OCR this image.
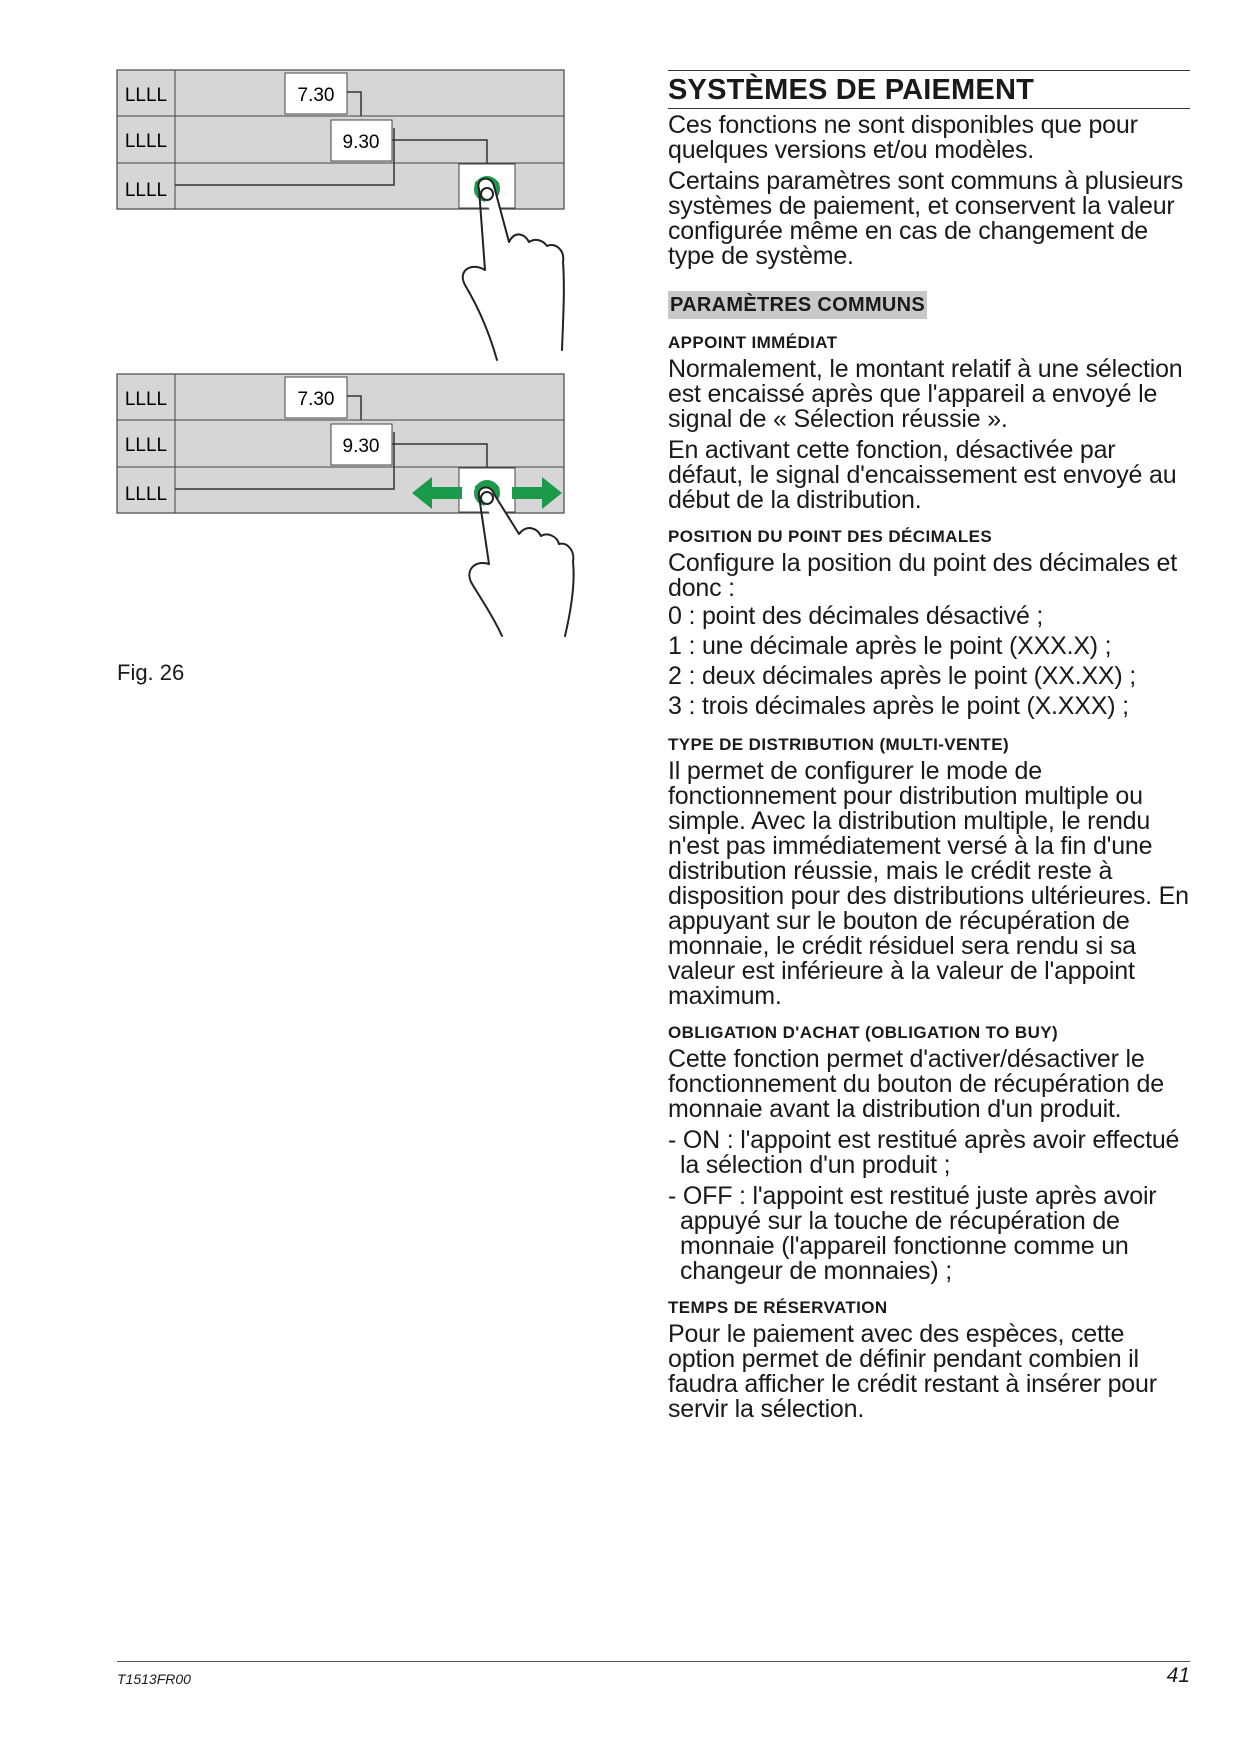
LLLL
LLLL
LLLL
7.30
9.30
LLLL
LLLL
LLLL
7.30
9.30

Fig. 26

SYSTÈMES DE PAIEMENT

Ces fonctions ne sont disponibles que pour quelques versions et/ou modèles.

Certains paramètres sont communs à plusieurs systèmes de paiement, et conservent la valeur configurée même en cas de changement de type de système.

PARAMÈTRES COMMUNS
APPOINT IMMÉDIAT

Normalement, le montant relatif à une sélection est encaissé après que l'appareil a envoyé le signal de « Sélection réussie ».

En activant cette fonction, désactivée par défaut, le signal d'encaissement est envoyé au début de la distribution.

POSITION DU POINT DES DÉCIMALES

Configure la position du point des décimales et donc :

0 : point des décimales désactivé ;

1 : une décimale après le point (XXX.X) ;

2 : deux décimales après le point (XX.XX) ;

3 : trois décimales après le point (X.XXX) ;

TYPE DE DISTRIBUTION (MULTI-VENTE)

Il permet de configurer le mode de fonctionnement pour distribution multiple ou simple. Avec la distribution multiple, le rendu n'est pas immédiatement versé à la fin d'une distribution réussie, mais le crédit reste à disposition pour des distributions ultérieures. En appuyant sur le bouton de récupération de monnaie, le crédit résiduel sera rendu si sa valeur est inférieure à la valeur de l'appoint maximum.

OBLIGATION D'ACHAT (OBLIGATION TO BUY)

Cette fonction permet d'activer/désactiver le fonctionnement du bouton de récupération de monnaie avant la distribution d'un produit.

- ON : l'appoint est restitué après avoir effectué la sélection d'un produit ;

- OFF : l'appoint est restitué juste après avoir appuyé sur la touche de récupération de monnaie (l'appareil fonctionne comme un changeur de monnaies) ;

TEMPS DE RÉSERVATION

Pour le paiement avec des espèces, cette option permet de définir pendant combien il faudra afficher le crédit restant à insérer pour servir la sélection.

T1513FR00	41
